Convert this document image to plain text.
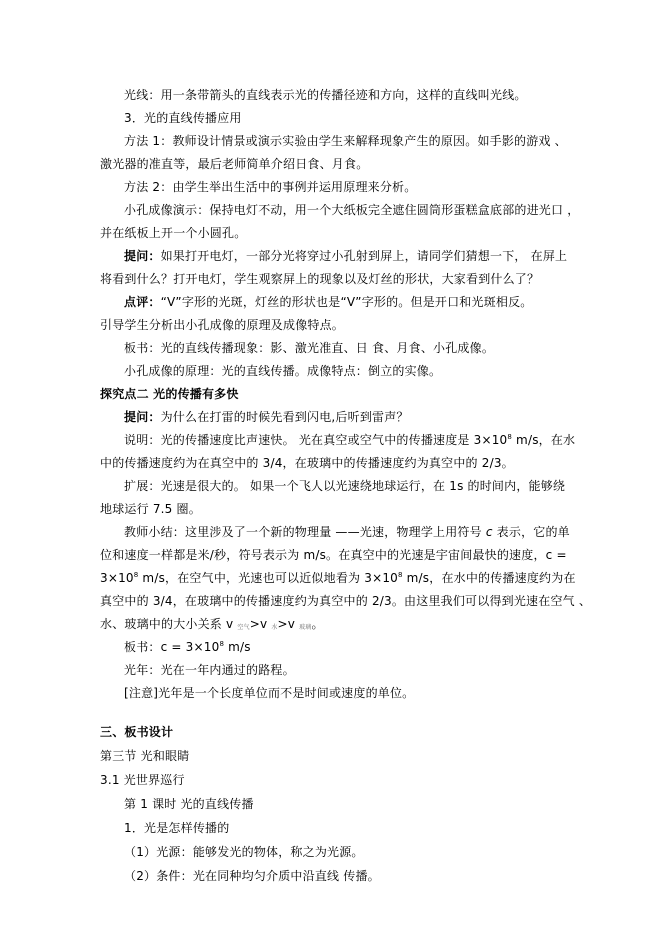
光线：用一条带箭头的直线表示光的传播径迹和方向，这样的直线叫光线。
3．光的直线传播应用
方法 1：教师设计情景或演示实验由学生来解释现象产生的原因。如手影的游戏 、
激光器的准直等，最后老师简单介绍日食、月食。
方法 2：由学生举出生活中的事例并运用原理来分析。
小孔成像演示：保持电灯不动，用一个大纸板完全遮住圆筒形蛋糕盒底部的进光口 ，
并在纸板上开一个小圆孔。
提问：如果打开电灯，一部分光将穿过小孔射到屏上，请同学们猜想一下， 在屏上
将看到什么？打开电灯，学生观察屏上的现象以及灯丝的形状，大家看到什么了？
点评：“V”字形的光斑，灯丝的形状也是“V”字形的。但是开口和光斑相反。
引导学生分析出小孔成像的原理及成像特点。
板书：光的直线传播现象：影、激光准直、日 食、月食、小孔成像。
小孔成像的原理：光的直线传播。成像特点：倒立的实像。
探究点二 光的传播有多快
提问：为什么在打雷的时候先看到闪电,后听到雷声？
说明：光的传播速度比声速快。 光在真空或空气中的传播速度是 $3\times 10^8$ m/s，在水
中的传播速度约为在真空中的 3/4，在玻璃中的传播速度约为真空中的 2/3。
扩展：光速是很大的。 如果一个飞人以光速绕地球运行，在 1s 的时间内，能够绕
地球运行 7.5 圈。
教师小结：这里涉及了一个新的物理量 ——光速，物理学上用符号 c 表示，它的单
位和速度一样都是米/秒，符号表示为 m/s。在真空中的光速是宇宙间最快的速度，c =
$3\times 10^8$ m/s，在空气中，光速也可以近似地看为 $3\times 10^8$ m/s，在水中的传播速度约为在
真空中的 3/4，在玻璃中的传播速度约为真空中的 2/3。由这里我们可以得到光速在空气 、
水、玻璃中的大小关系 v 空气>v 水>v 玻璃。
板书：$c = 3\times 10^8$ m/s
光年：光在一年内通过的路程。
[注意]光年是一个长度单位而不是时间或速度的单位。
三、板书设计
第三节 光和眼睛
3.1 光世界巡行
第 1 课时 光的直线传播
1．光是怎样传播的
（1）光源：能够发光的物体，称之为光源。
（2）条件：光在同种均匀介质中沿直线 传播。
